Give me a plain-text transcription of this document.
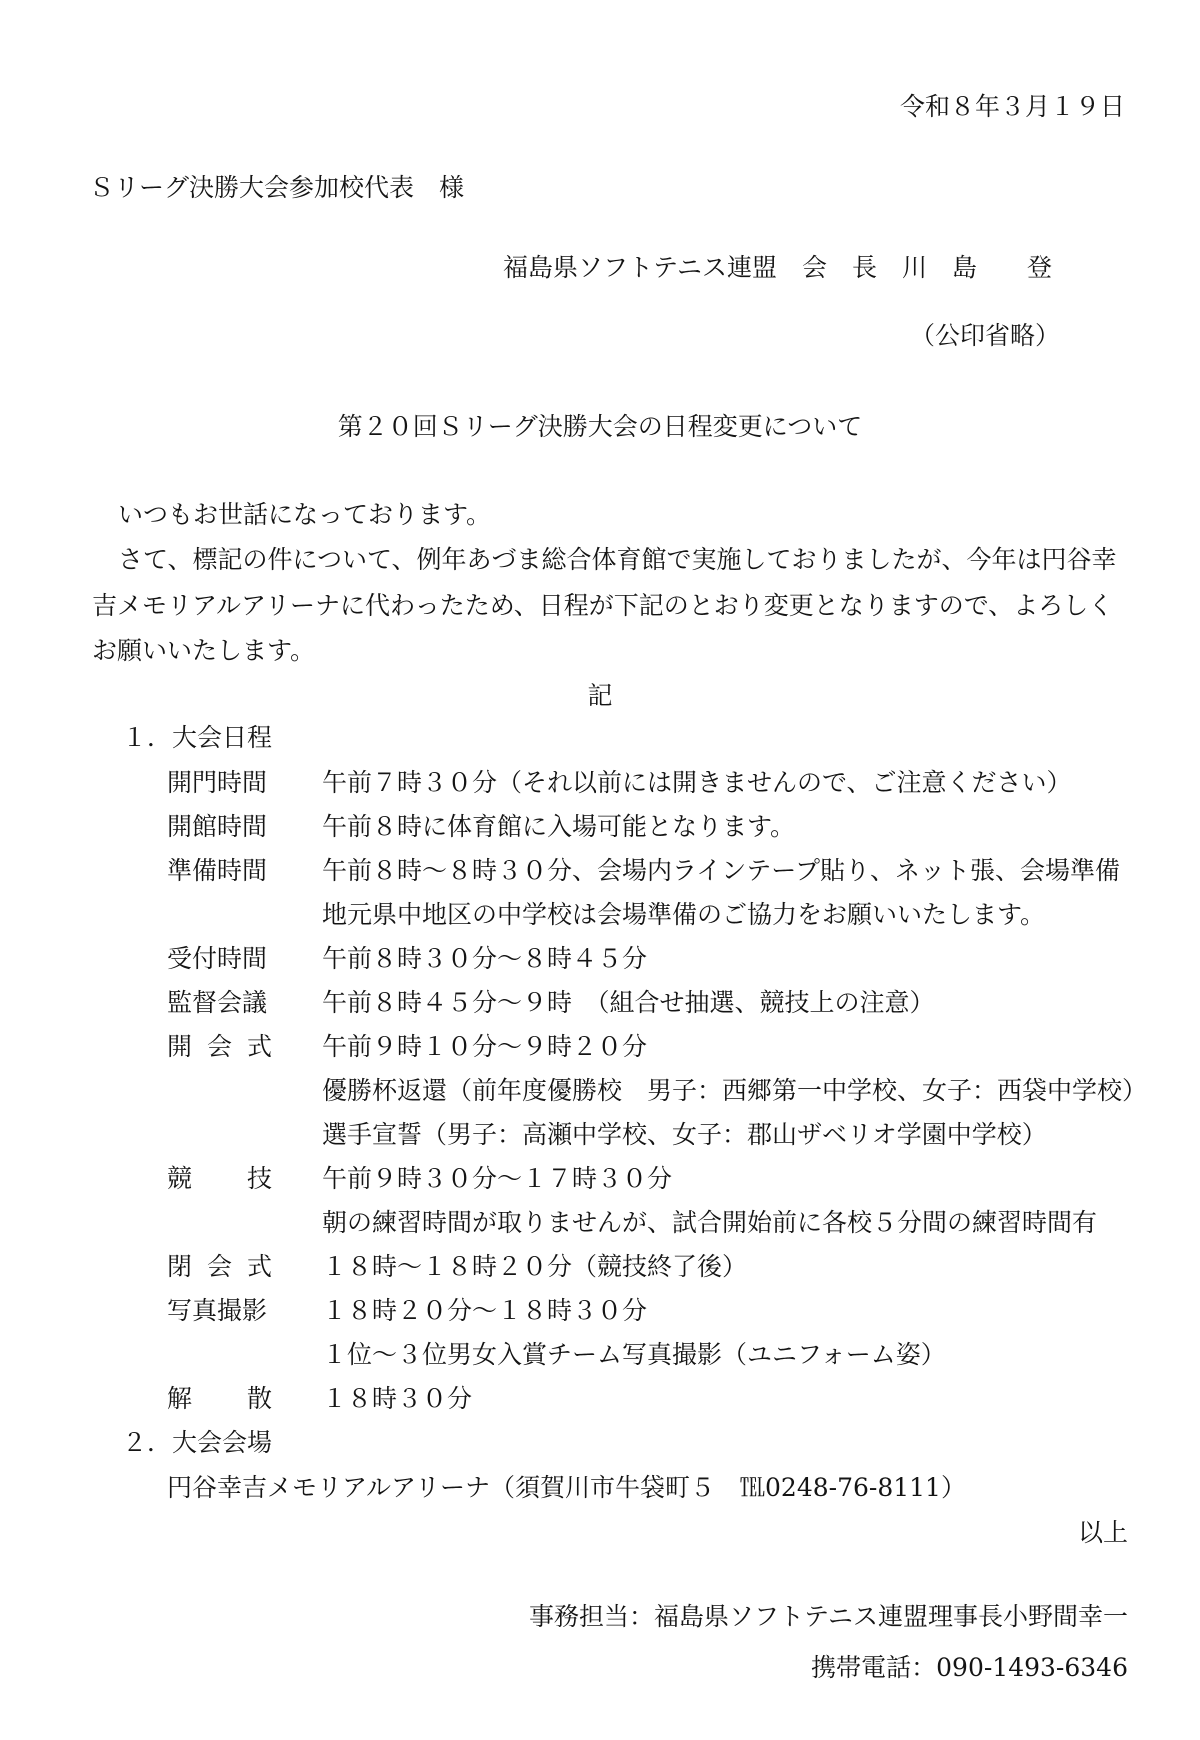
令和８年３月１９日
Ｓリーグ決勝大会参加校代表　様
福島県ソフトテニス連盟　会　長　川　島　　登
（公印省略）
第２０回Ｓリーグ決勝大会の日程変更について
いつもお世話になっております。
さて、標記の件について、例年あづま総合体育館で実施しておりましたが、今年は円谷幸
吉メモリアルアリーナに代わったため、日程が下記のとおり変更となりますので、よろしく
お願いいたします。
記
１．大会日程
開門時間 午前７時３０分（それ以前には開きませんので、ご注意ください）
開館時間 午前８時に体育館に入場可能となります。
準備時間 午前８時～８時３０分、会場内ラインテープ貼り、ネット張、会場準備
地元県中地区の中学校は会場準備のご協力をお願いいたします。
受付時間 午前８時３０分～８時４５分
監督会議 午前８時４５分～９時　（組合せ抽選、競技上の注意）
開 会 式 午前９時１０分～９時２０分
優勝杯返還（前年度優勝校　男子：西郷第一中学校、女子：西袋中学校）
選手宣誓（男子：高瀬中学校、女子：郡山ザベリオ学園中学校）
競 技 午前９時３０分～１７時３０分
朝の練習時間が取りませんが、試合開始前に各校５分間の練習時間有
閉 会 式 １８時～１８時２０分（競技終了後）
写真撮影 １８時２０分～１８時３０分
１位～３位男女入賞チーム写真撮影（ユニフォーム姿）
解 散 １８時３０分
２．大会会場
円谷幸吉メモリアルアリーナ（須賀川市牛袋町５　℡0248-76-8111）
以上
事務担当：福島県ソフトテニス連盟理事長小野間幸一
携帯電話：090-1493-6346
